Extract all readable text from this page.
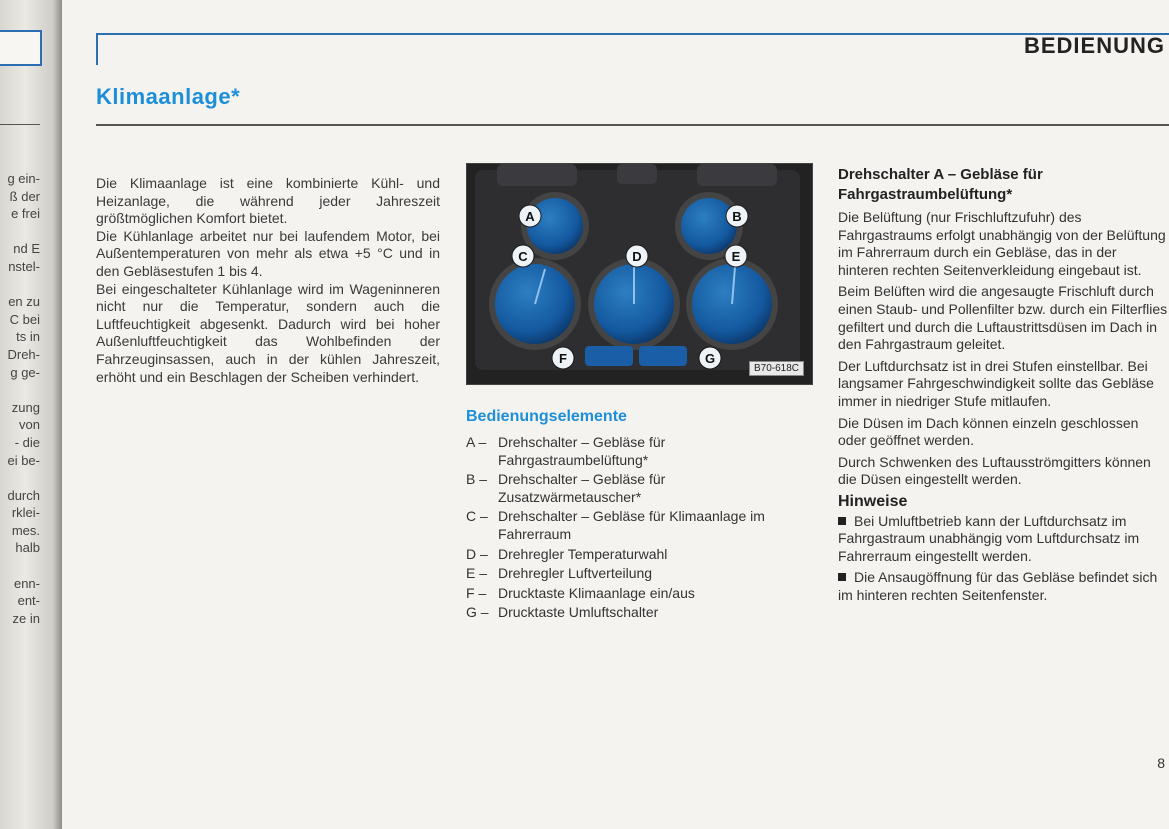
g ein-
ß der
e frei
nd E
nstel-
en zu
C bei
ts in
Dreh-
g ge-
zung
von
- die
ei be-
durch
rklei-
mes.
halb
enn-
ent-
ze in
BEDIENUNG
Klimaanlage*

Die Klimaanlage ist eine kombinierte Kühl- und Heizanlage, die während jeder Jahreszeit größtmöglichen Komfort bietet.

Die Kühlanlage arbeitet nur bei laufendem Motor, bei Außentemperaturen von mehr als etwa +5 °C und in den Gebläsestufen 1 bis 4.

Bei eingeschalteter Kühlanlage wird im Wageninneren nicht nur die Temperatur, sondern auch die Luftfeuchtigkeit abgesenkt. Dadurch wird bei hoher Außenluftfeuchtigkeit das Wohlbefinden der Fahrzeuginsassen, auch in der kühlen Jahreszeit, erhöht und ein Beschlagen der Scheiben verhindert.

A	B
C	D	E
F	G
B70-618C
Bedienungselemente
A – Drehschalter – Gebläse für Fahrgastraumbelüftung*
B – Drehschalter – Gebläse für Zusatzwärmetauscher*
C – Drehschalter – Gebläse für Klimaanlage im Fahrerraum
D – Drehregler Temperaturwahl
E – Drehregler Luftverteilung
F – Drucktaste Klimaanlage ein/aus
G – Drucktaste Umluftschalter
Drehschalter A – Gebläse für Fahrgastraumbelüftung*

Die Belüftung (nur Frischluftzufuhr) des Fahrgastraums erfolgt unabhängig von der Belüftung im Fahrerraum durch ein Gebläse, das in der hinteren rechten Seitenverkleidung eingebaut ist.

Beim Belüften wird die angesaugte Frischluft durch einen Staub- und Pollenfilter bzw. durch ein Filterflies gefiltert und durch die Luftaustrittsdüsen im Dach in den Fahrgastraum geleitet.

Der Luftdurchsatz ist in drei Stufen einstellbar. Bei langsamer Fahrgeschwindigkeit sollte das Gebläse immer in niedriger Stufe mitlaufen.

Die Düsen im Dach können einzeln geschlossen oder geöffnet werden.

Durch Schwenken des Luftausströmgitters können die Düsen eingestellt werden.

Hinweise

Bei Umluftbetrieb kann der Luftdurchsatz im Fahrgastraum unabhängig vom Luftdurchsatz im Fahrerraum eingestellt werden.

Die Ansaugöffnung für das Gebläse befindet sich im hinteren rechten Seitenfenster.

8
